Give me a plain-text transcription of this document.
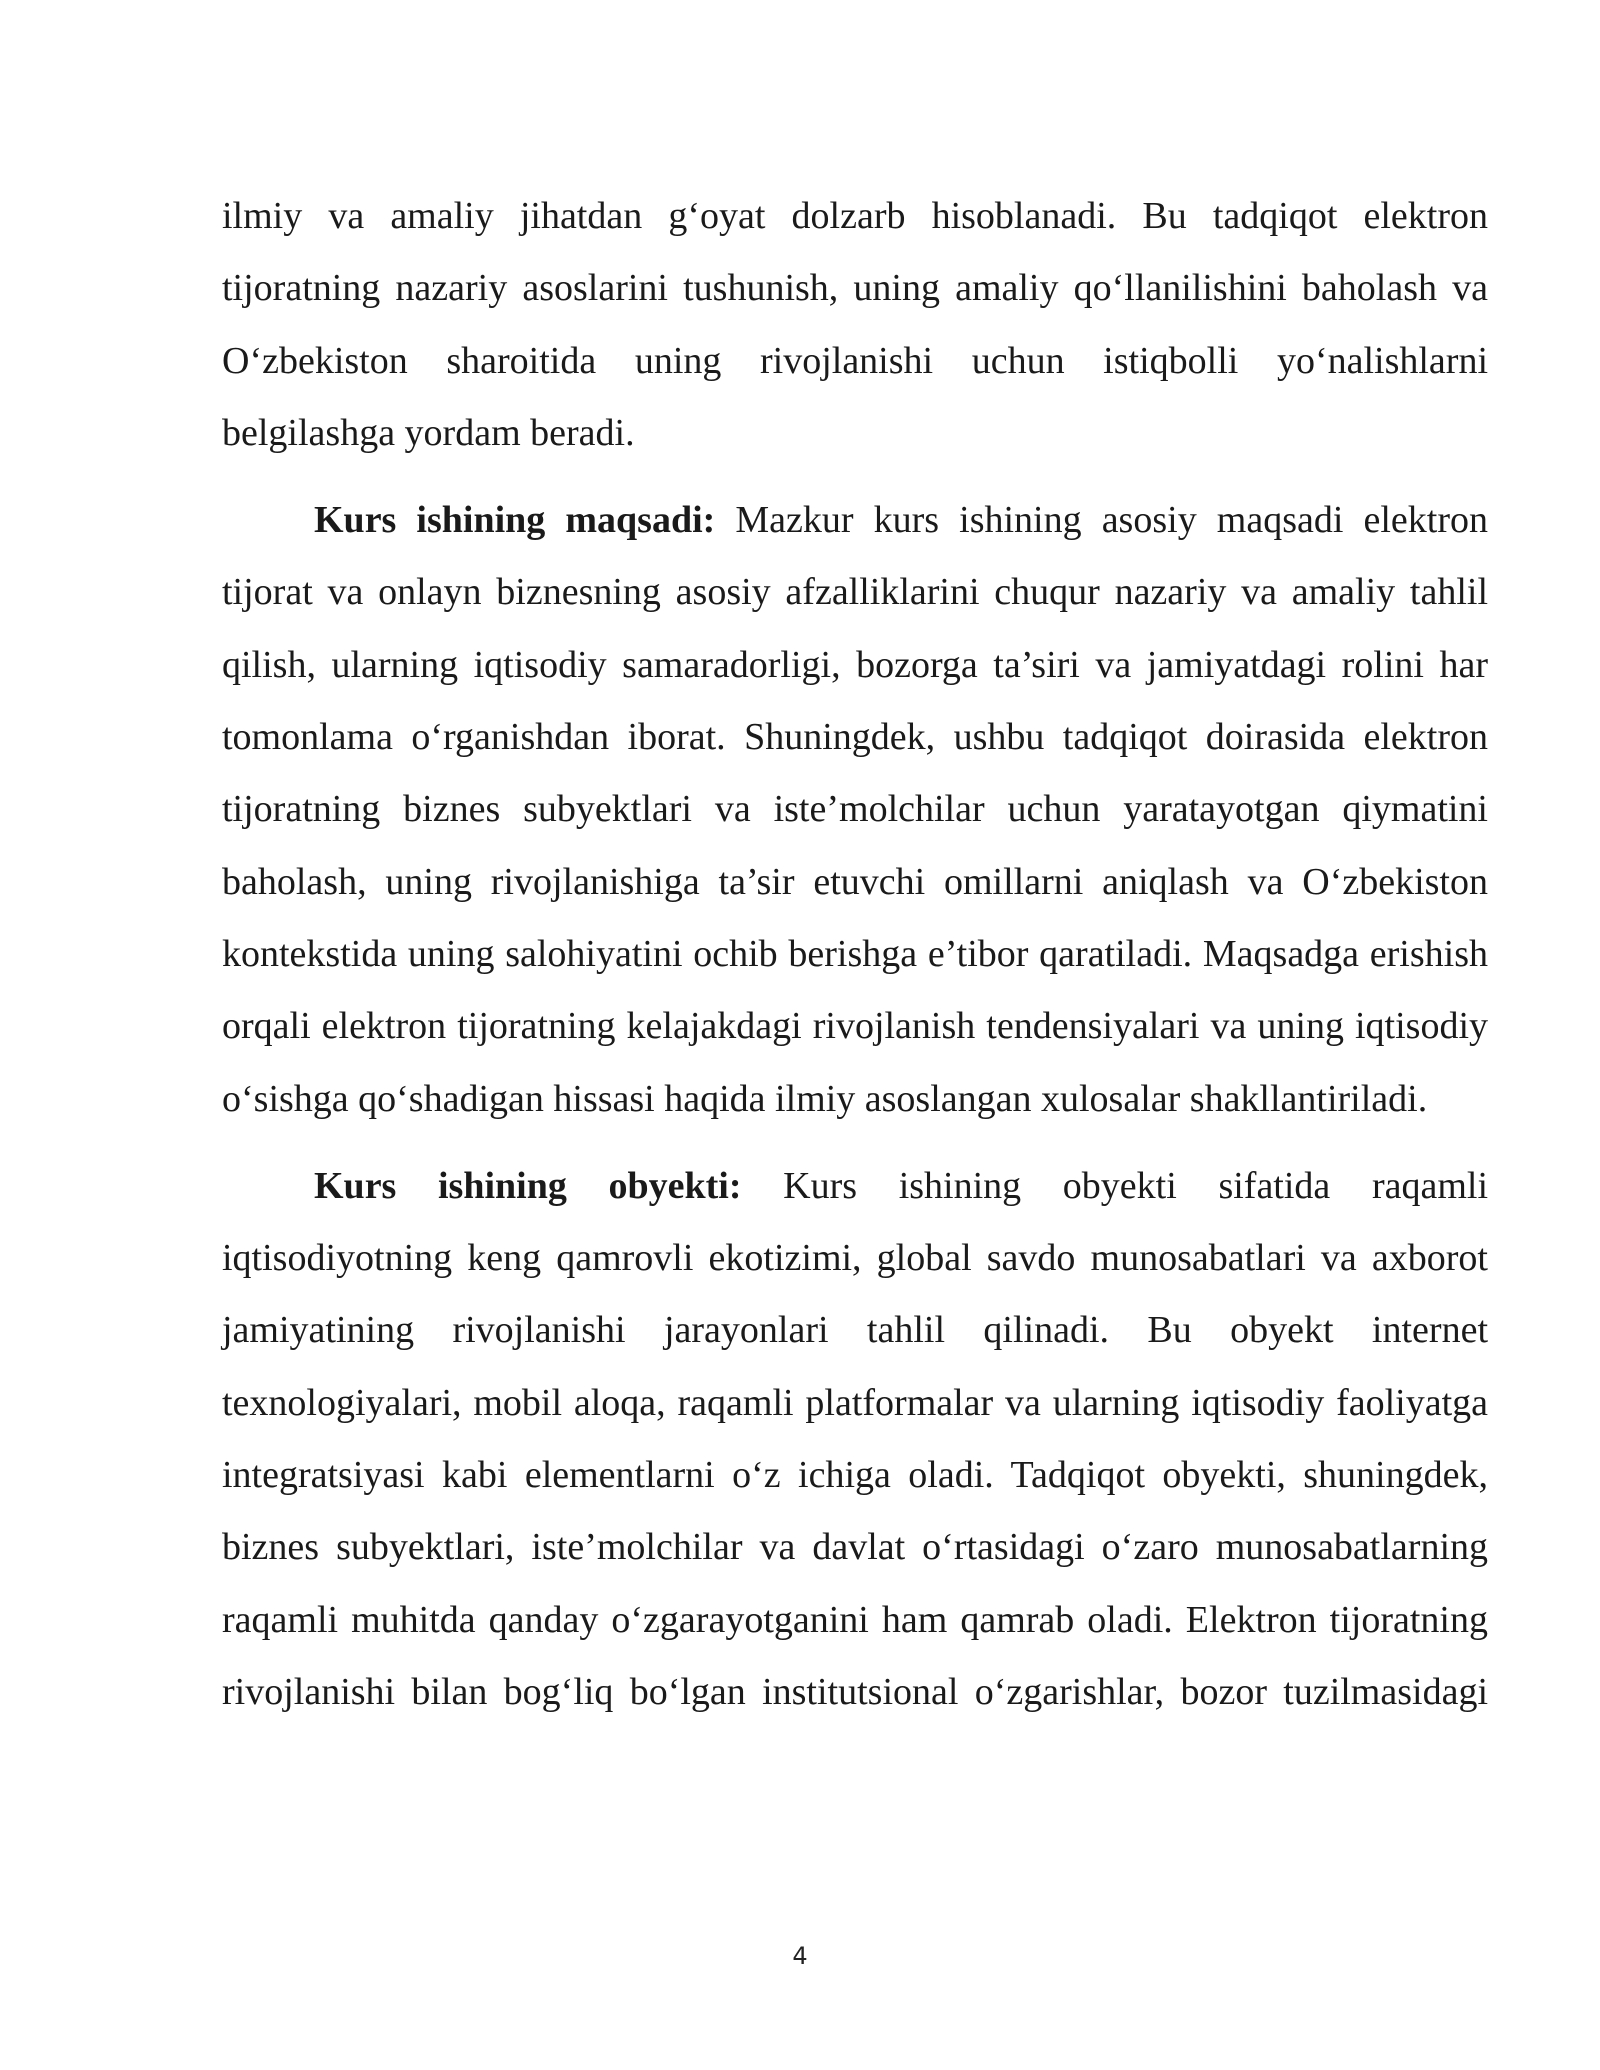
ilmiy va amaliy jihatdan g‘oyat dolzarb hisoblanadi. Bu tadqiqot elektron tijoratning nazariy asoslarini tushunish, uning amaliy qo‘llanilishini baholash va O‘zbekiston sharoitida uning rivojlanishi uchun istiqbolli yo‘nalishlarni belgilashga yordam beradi.

Kurs ishining maqsadi: Mazkur kurs ishining asosiy maqsadi elektron tijorat va onlayn biznesning asosiy afzalliklarini chuqur nazariy va amaliy tahlil qilish, ularning iqtisodiy samaradorligi, bozorga ta’siri va jamiyatdagi rolini har tomonlama o‘rganishdan iborat. Shuningdek, ushbu tadqiqot doirasida elektron tijoratning biznes subyektlari va iste’molchilar uchun yaratayotgan qiymatini baholash, uning rivojlanishiga ta’sir etuvchi omillarni aniqlash va O‘zbekiston kontekstida uning salohiyatini ochib berishga e’tibor qaratiladi. Maqsadga erishish orqali elektron tijoratning kelajakdagi rivojlanish tendensiyalari va uning iqtisodiy o‘sishga qo‘shadigan hissasi haqida ilmiy asoslangan xulosalar shakllantiriladi.

Kurs ishining obyekti: Kurs ishining obyekti sifatida raqamli iqtisodiyotning keng qamrovli ekotizimi, global savdo munosabatlari va axborot jamiyatining rivojlanishi jarayonlari tahlil qilinadi. Bu obyekt internet texnologiyalari, mobil aloqa, raqamli platformalar va ularning iqtisodiy faoliyatga integratsiyasi kabi elementlarni o‘z ichiga oladi. Tadqiqot obyekti, shuningdek, biznes subyektlari, iste’molchilar va davlat o‘rtasidagi o‘zaro munosabatlarning raqamli muhitda qanday o‘zgarayotganini ham qamrab oladi. Elektron tijoratning rivojlanishi bilan bog‘liq bo‘lgan institutsional o‘zgarishlar, bozor tuzilmasidagi

4
